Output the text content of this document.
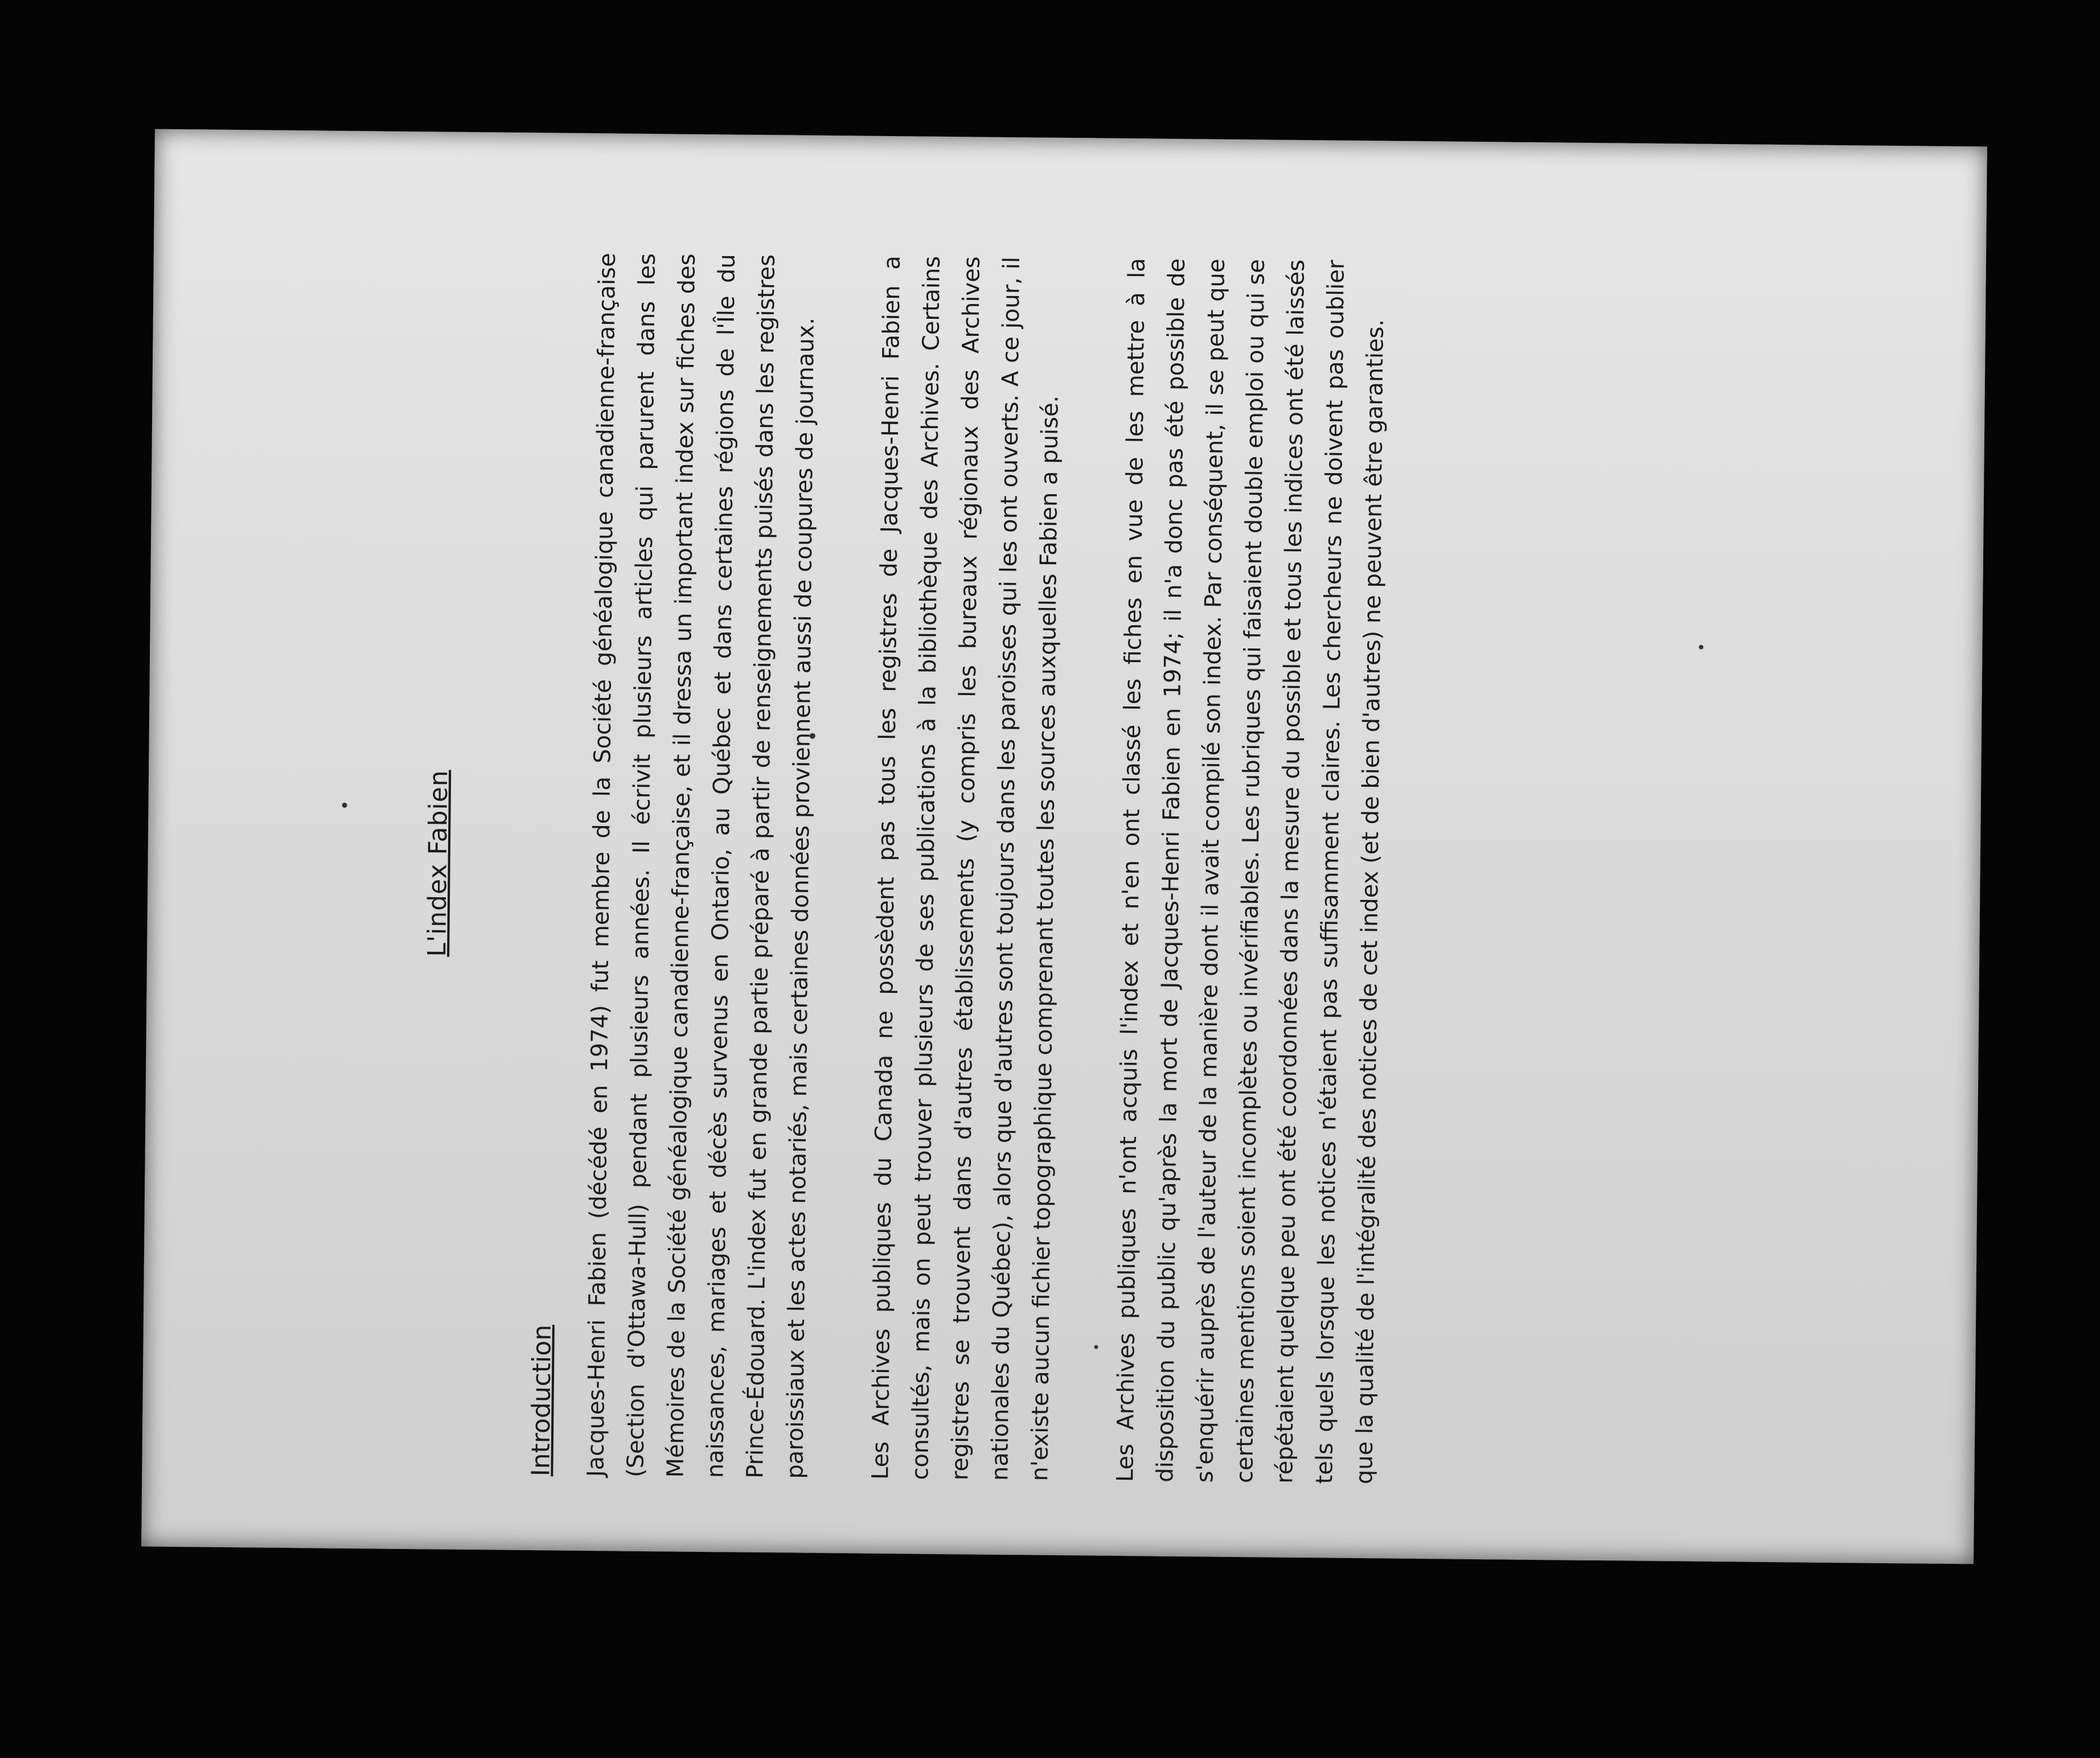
L'index Fabien
Introduction	Jacques-Henri Fabien (décédé en 1974) fut membre de la Société généalogique canadienne-française (Section d'Ottawa-Hull) pendant plusieurs années. Il écrivit plusieurs articles qui parurent dans les Mémoires de la Société généalogique canadienne-française, et il dressa un important index sur fiches des naissances, mariages et décès survenus en Ontario, au Québec et dans certaines régions de l'Île du Prince-Édouard. L'index fut en grande partie préparé à partir de renseignements puisés dans les registres paroissiaux et les actes notariés, mais certaines données proviennent aussi de coupures de journaux.	Les Archives publiques du Canada ne possèdent pas tous les registres de Jacques-Henri Fabien a consultés, mais on peut trouver plusieurs de ses publications à la bibliothèque des Archives. Certains registres se trouvent dans d'autres établissements (y compris les bureaux régionaux des Archives nationales du Québec), alors que d'autres sont toujours dans les paroisses qui les ont ouverts. A ce jour, il n'existe aucun fichier topographique comprenant toutes les sources auxquelles Fabien a puisé.	Les Archives publiques n'ont acquis l'index et n'en ont classé les fiches en vue de les mettre à la disposition du public qu'après la mort de Jacques-Henri Fabien en 1974; il n'a donc pas été possible de s'enquérir auprès de l'auteur de la manière dont il avait compilé son index. Par conséquent, il se peut que certaines mentions soient incomplètes ou invérifiables. Les rubriques qui faisaient double emploi ou qui se répétaient quelque peu ont été coordonnées dans la mesure du possible et tous les indices ont été laissés tels quels lorsque les notices n'étaient pas suffisamment claires. Les chercheurs ne doivent pas oublier que la qualité de l'intégralité des notices de cet index (et de bien d'autres) ne peuvent être garanties.
